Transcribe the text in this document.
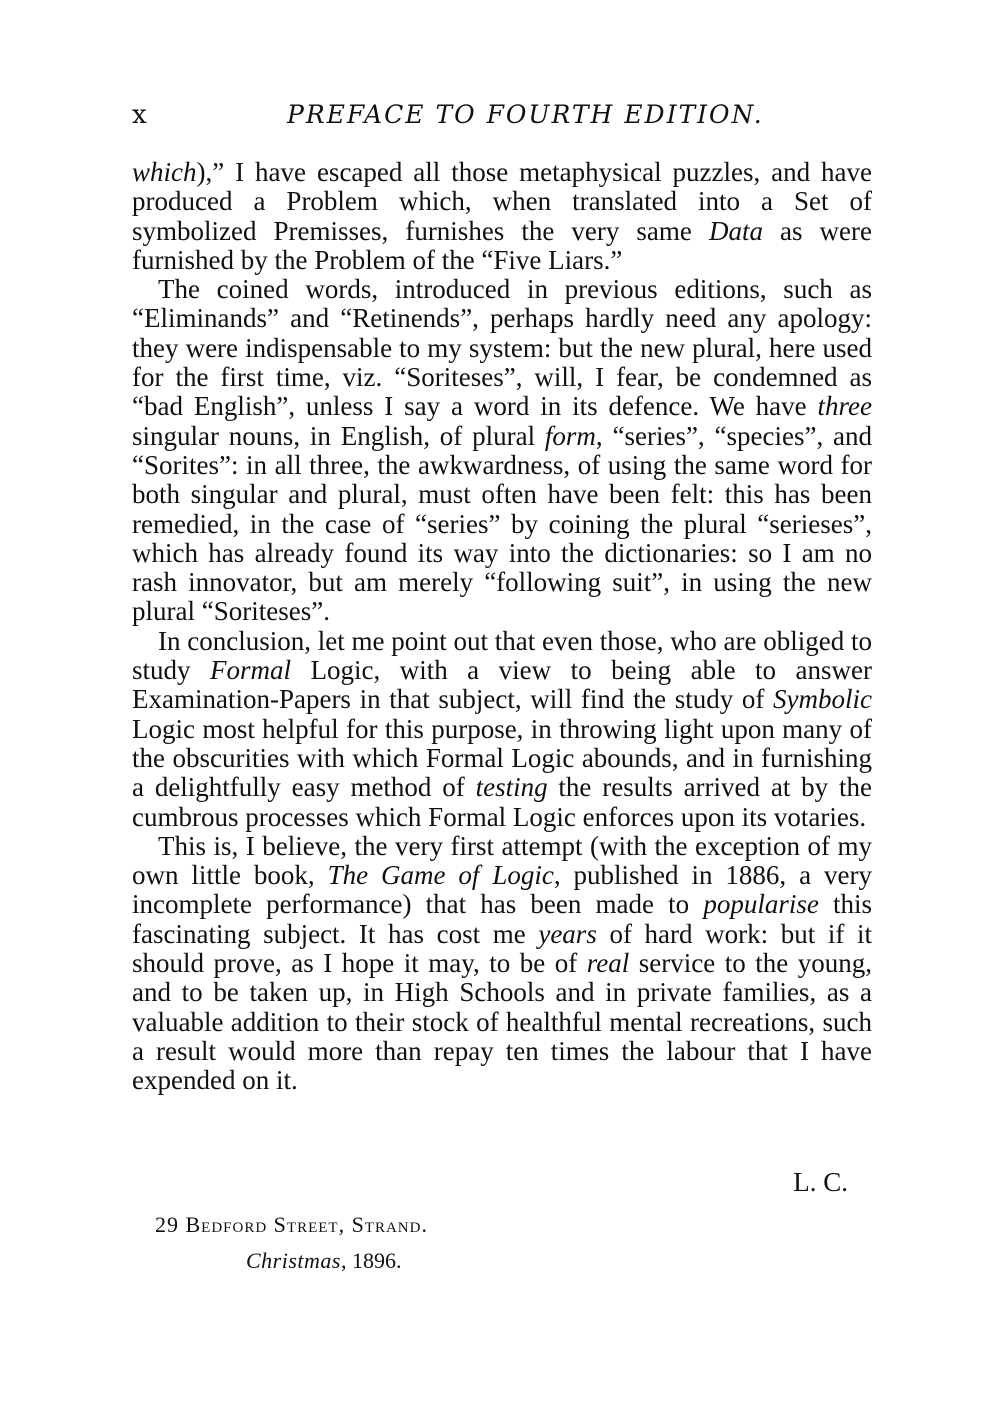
x	PREFACE TO FOURTH EDITION.

which),” I have escaped all those metaphysical puzzles, and have produced a Problem which, when translated into a Set of symbolized Premisses, furnishes the very same Data as were furnished by the Problem of the “Five Liars.”

The coined words, introduced in previous editions, such as “Eliminands” and “Retinends”, perhaps hardly need any apology: they were indispensable to my system: but the new plural, here used for the first time, viz. “Soriteses”, will, I fear, be condemned as “bad English”, unless I say a word in its defence. We have three singular nouns, in English, of plural form, “series”, “species”, and “Sorites”: in all three, the awkwardness, of using the same word for both singular and plural, must often have been felt: this has been remedied, in the case of “series” by coining the plural “serieses”, which has already found its way into the dictionaries: so I am no rash innovator, but am merely “following suit”, in using the new plural “Soriteses”.

In conclusion, let me point out that even those, who are obliged to study Formal Logic, with a view to being able to answer Examination-Papers in that subject, will find the study of Symbolic Logic most helpful for this purpose, in throwing light upon many of the obscurities with which Formal Logic abounds, and in furnishing a delightfully easy method of testing the results arrived at by the cumbrous processes which Formal Logic enforces upon its votaries.

This is, I believe, the very first attempt (with the exception of my own little book, The Game of Logic, published in 1886, a very incomplete performance) that has been made to popularise this fascinating subject. It has cost me years of hard work: but if it should prove, as I hope it may, to be of real service to the young, and to be taken up, in High Schools and in private families, as a valuable addition to their stock of healthful mental recreations, such a result would more than repay ten times the labour that I have expended on it.

L. C.
29 Bedford Street, Strand.
Christmas, 1896.
